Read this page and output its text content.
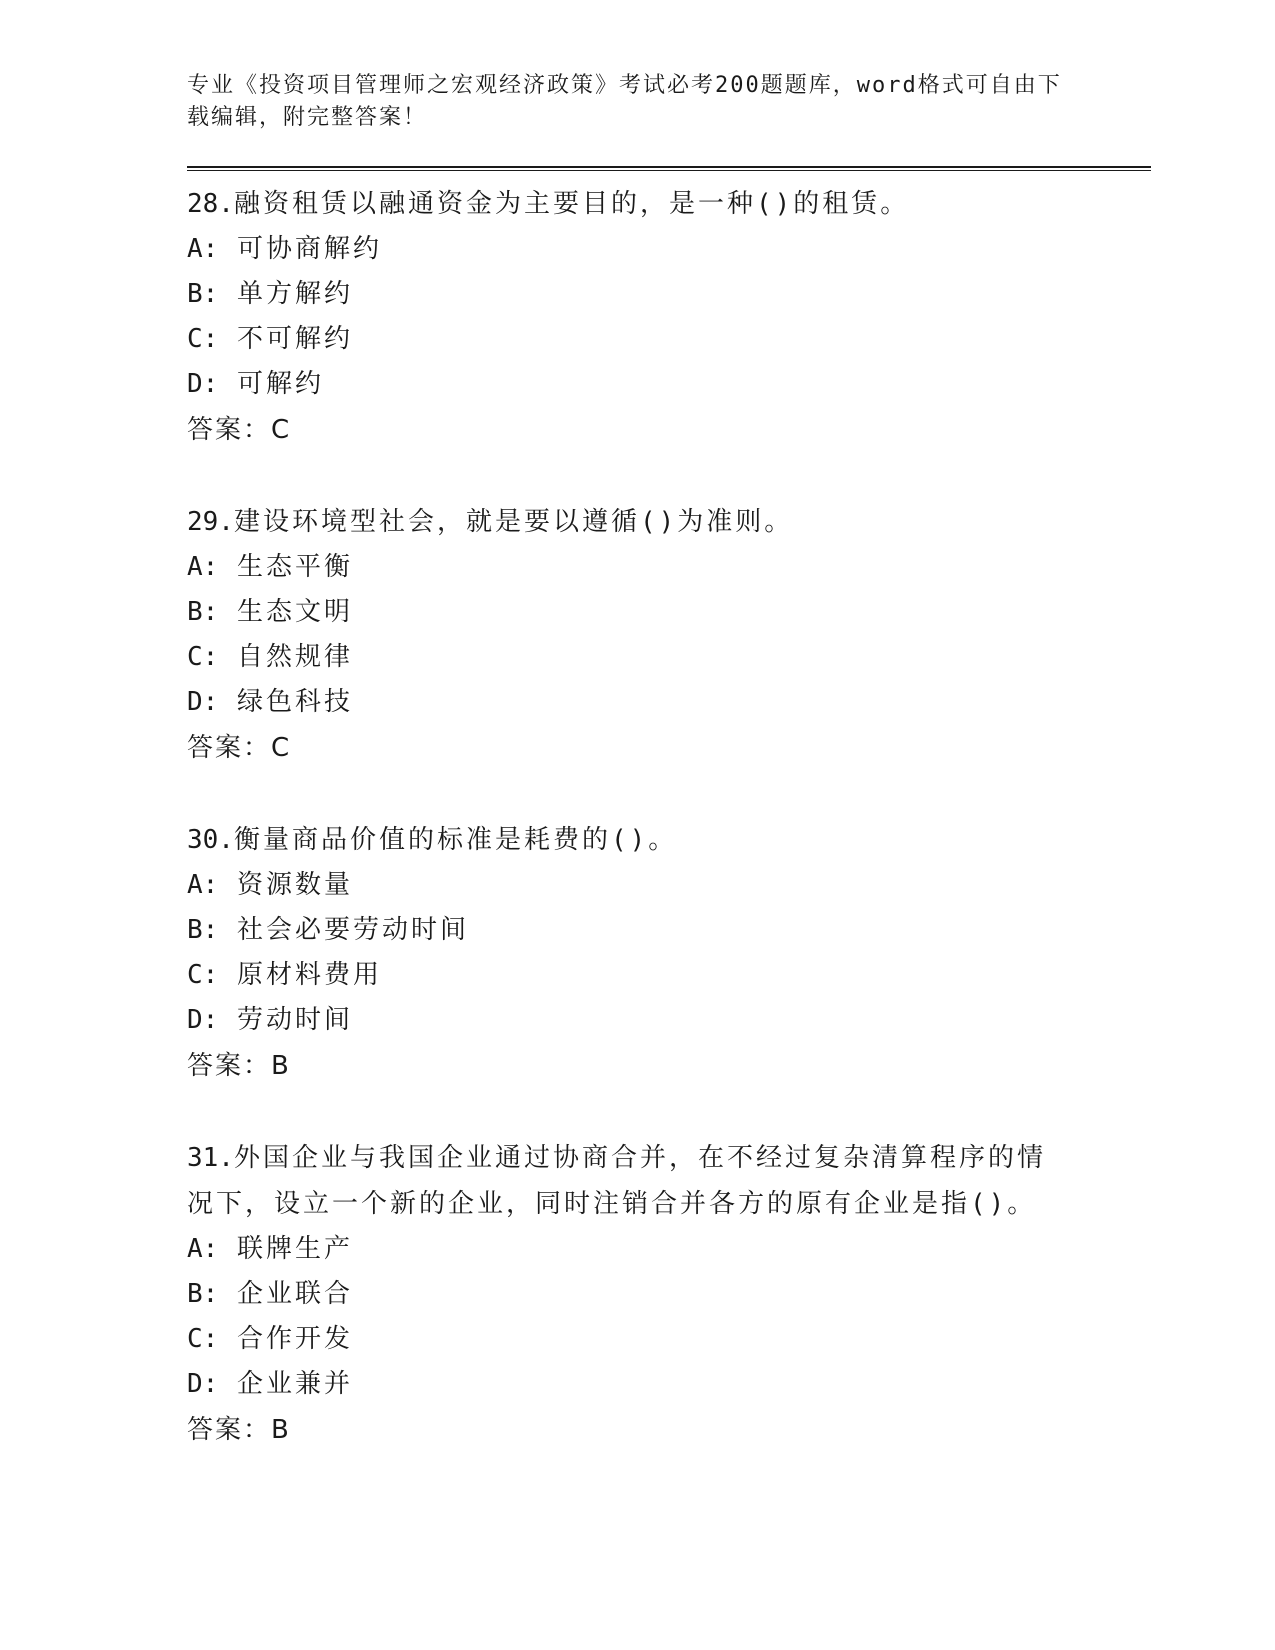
专业《投资项目管理师之宏观经济政策》考试必考200题题库，word格式可自由下载编辑，附完整答案！

28.融资租赁以融通资金为主要目的，是一种()的租赁。
A: 可协商解约
B: 单方解约
C: 不可解约
D: 可解约
答案：C
29.建设环境型社会，就是要以遵循()为准则。
A: 生态平衡
B: 生态文明
C: 自然规律
D: 绿色科技
答案：C
30.衡量商品价值的标准是耗费的()。
A: 资源数量
B: 社会必要劳动时间
C: 原材料费用
D: 劳动时间
答案：B
31.外国企业与我国企业通过协商合并，在不经过复杂清算程序的情况下，设立一个新的企业，同时注销合并各方的原有企业是指()。
A: 联牌生产
B: 企业联合
C: 合作开发
D: 企业兼并
答案：B
